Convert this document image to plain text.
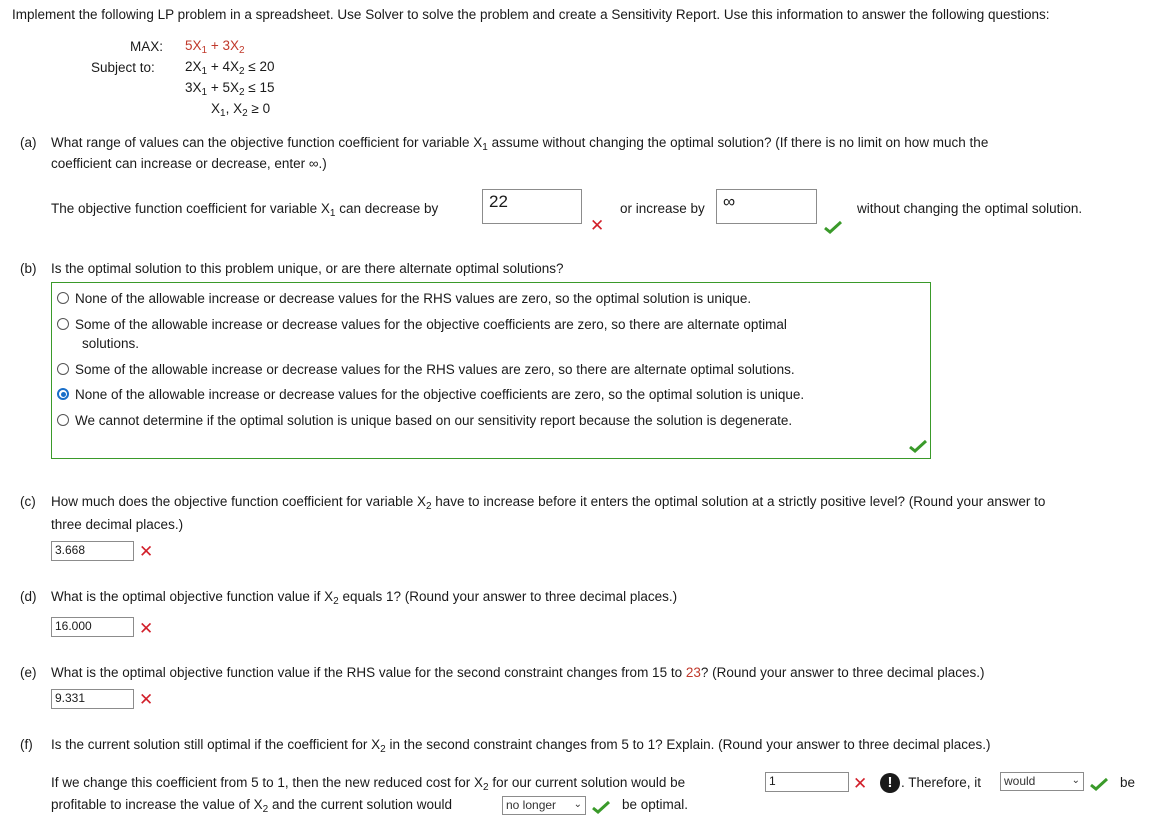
Implement the following LP problem in a spreadsheet. Use Solver to solve the problem and create a Sensitivity Report. Use this information to answer the following questions:
MAX:
Subject to:
$5X_1 + 3X_2$
$2X_1 + 4X_2 \le 20$
$3X_1 + 5X_2 \le 15$
$X_1$, $X_2 \ge 0$
(a) What range of values can the objective function coefficient for variable $X_1$ assume without changing the optimal solution? (If there is no limit on how much the
coefficient can increase or decrease, enter ∞.)
The objective function coefficient for variable $X_1$ can decrease by	22
✕
or increase by	∞	without changing the optimal solution.
(b) Is the optimal solution to this problem unique, or are there alternate optimal solutions?
None of the allowable increase or decrease values for the RHS values are zero, so the optimal solution is unique.
Some of the allowable increase or decrease values for the objective coefficients are zero, so there are alternate optimal
solutions.
Some of the allowable increase or decrease values for the RHS values are zero, so there are alternate optimal solutions.
None of the allowable increase or decrease values for the objective coefficients are zero, so the optimal solution is unique.
We cannot determine if the optimal solution is unique based on our sensitivity report because the solution is degenerate.
(c) How much does the objective function coefficient for variable $X_2$ have to increase before it enters the optimal solution at a strictly positive level? (Round your answer to
three decimal places.)
3.668	✕
(d) What is the optimal objective function value if $X_2$ equals 1? (Round your answer to three decimal places.)
16.000	✕
(e) What is the optimal objective function value if the RHS value for the second constraint changes from 15 to 23? (Round your answer to three decimal places.)
9.331	✕
(f) Is the current solution still optimal if the coefficient for $X_2$ in the second constraint changes from 5 to 1? Explain. (Round your answer to three decimal places.)
If we change this coefficient from 5 to 1, then the new reduced cost for $X_2$ for our current solution would be	1	✕	! . Therefore, it	would	⌄	be
profitable to increase the value of $X_2$ and the current solution would	no longer ⌄	be optimal.
